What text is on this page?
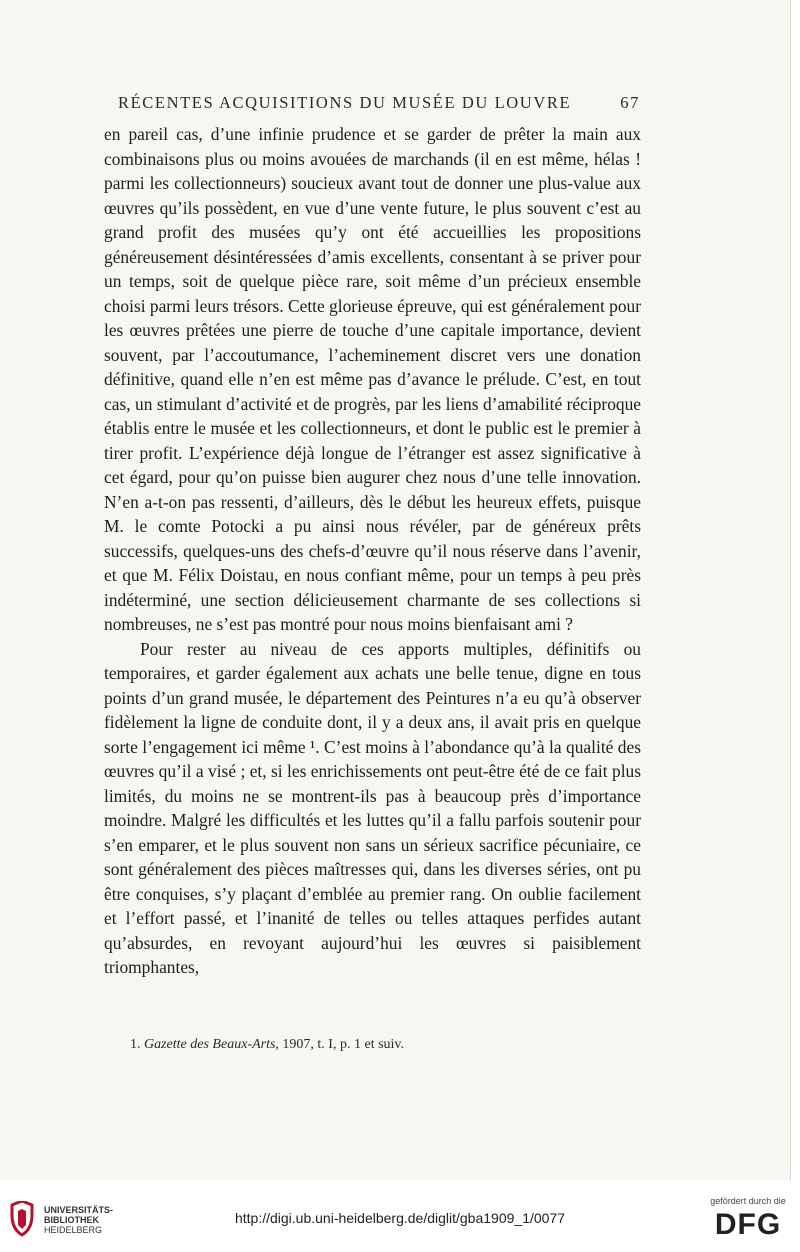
RÉCENTES ACQUISITIONS DU MUSÉE DU LOUVRE	67

en pareil cas, d’une infinie prudence et se garder de prêter la main aux combinaisons plus ou moins avouées de marchands (il en est même, hélas ! parmi les collectionneurs) soucieux avant tout de donner une plus-value aux œuvres qu’ils possèdent, en vue d’une vente future, le plus souvent c’est au grand profit des musées qu’y ont été accueillies les propositions généreusement désintéressées d’amis excellents, consentant à se priver pour un temps, soit de quelque pièce rare, soit même d’un précieux ensemble choisi parmi leurs trésors. Cette glorieuse épreuve, qui est généralement pour les œuvres prêtées une pierre de touche d’une capitale importance, devient souvent, par l’accoutumance, l’acheminement discret vers une donation définitive, quand elle n’en est même pas d’avance le prélude. C’est, en tout cas, un stimulant d’activité et de progrès, par les liens d’amabilité réciproque établis entre le musée et les collectionneurs, et dont le public est le premier à tirer profit. L’expérience déjà longue de l’étranger est assez significative à cet égard, pour qu’on puisse bien augurer chez nous d’une telle innovation. N’en a-t-on pas ressenti, d’ailleurs, dès le début les heureux effets, puisque M. le comte Potocki a pu ainsi nous révéler, par de généreux prêts successifs, quelques-uns des chefs-d’œuvre qu’il nous réserve dans l’avenir, et que M. Félix Doistau, en nous confiant même, pour un temps à peu près indéterminé, une section délicieusement charmante de ses collections si nombreuses, ne s’est pas montré pour nous moins bienfaisant ami ?

Pour rester au niveau de ces apports multiples, définitifs ou temporaires, et garder également aux achats une belle tenue, digne en tous points d’un grand musée, le département des Peintures n’a eu qu’à observer fidèlement la ligne de conduite dont, il y a deux ans, il avait pris en quelque sorte l’engagement ici même ¹. C’est moins à l’abondance qu’à la qualité des œuvres qu’il a visé ; et, si les enrichissements ont peut-être été de ce fait plus limités, du moins ne se montrent-ils pas à beaucoup près d’importance moindre. Malgré les difficultés et les luttes qu’il a fallu parfois soutenir pour s’en emparer, et le plus souvent non sans un sérieux sacrifice pécuniaire, ce sont généralement des pièces maîtresses qui, dans les diverses séries, ont pu être conquises, s’y plaçant d’emblée au premier rang. On oublie facilement et l’effort passé, et l’inanité de telles ou telles attaques perfides autant qu’absurdes, en revoyant aujourd’hui les œuvres si paisiblement triomphantes,

1. Gazette des Beaux-Arts, 1907, t. I, p. 1 et suiv.
UNIVERSITÄTS-
BIBLIOTHEK
HEIDELBERG
http://digi.ub.uni-heidelberg.de/diglit/gba1909_1/0077
gefördert durch die
DFG
